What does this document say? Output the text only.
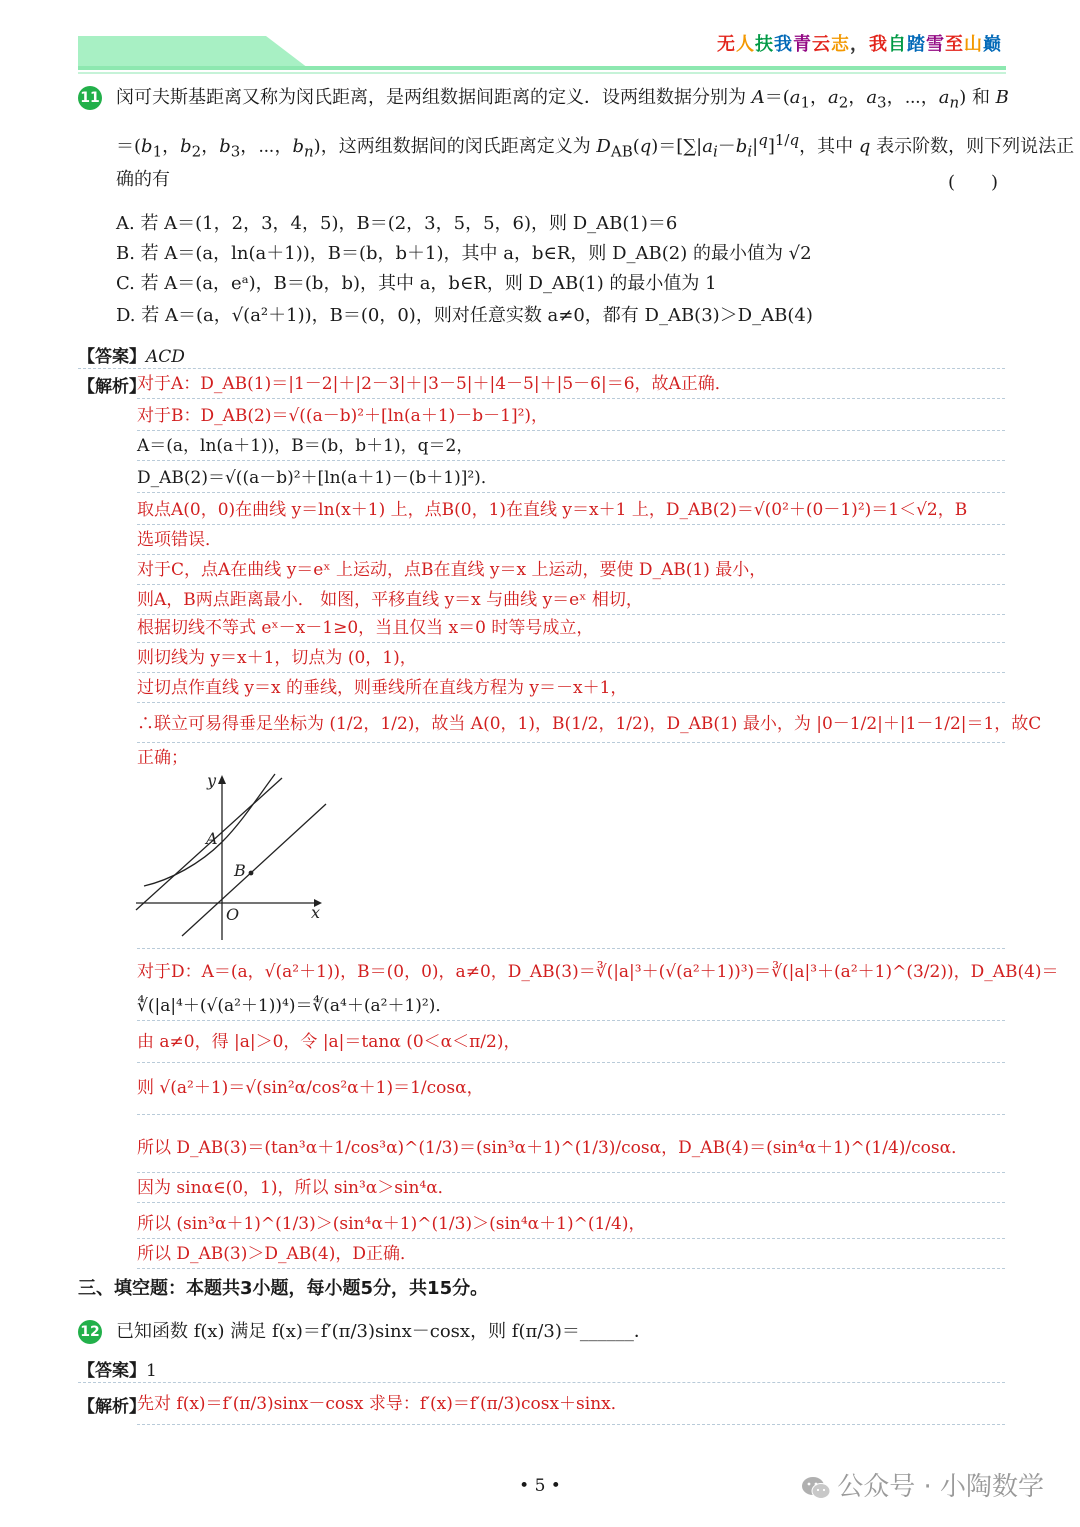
无人扶我青云志，我自踏雪至山巅
11 闵可夫斯基距离又称为闵氏距离，是两组数据间距离的定义．设两组数据分别为 $A=(a_1$，$a_2$，$a_3$，⋯，$a_n$) 和 B
$=(b_1$，$b_2$，$b_3$，⋯，$b_n$)，这两组数据间的闵氏距离定义为 $D_{AB}(q)=[\sum|a_i-b_i|^q]^{1/q}$，其中 q 表示阶数，则下列说法正
确的有	(　　)
A. 若 A＝(1，2，3，4，5)，B＝(2，3，5，5，6)，则 D_AB(1)＝6
B. 若 A＝(a，ln(a＋1))，B＝(b，b＋1)，其中 a，b∈R，则 D_AB(2) 的最小值为 √2
C. 若 A＝(a，eᵃ)，B＝(b，b)，其中 a，b∈R，则 D_AB(1) 的最小值为 1
D. 若 A＝(a，√(a²＋1))，B＝(0，0)，则对任意实数 a≠0，都有 D_AB(3)＞D_AB(4)
【答案】ACD
【解析】
对于A：D_AB(1)＝|1－2|＋|2－3|＋|3－5|＋|4－5|＋|5－6|＝6，故A正确．
对于B：D_AB(2)＝√((a－b)²＋[ln(a＋1)－b－1]²)，
A＝(a，ln(a＋1))，B＝(b，b＋1)，q＝2，
D_AB(2)＝√((a－b)²＋[ln(a＋1)－(b＋1)]²)．
取点A(0，0)在曲线 y＝ln(x＋1) 上，点B(0，1)在直线 y＝x＋1 上，D_AB(2)＝√(0²＋(0－1)²)＝1＜√2，B
选项错误．
对于C，点A在曲线 y＝eˣ 上运动，点B在直线 y＝x 上运动，要使 D_AB(1) 最小，
则A，B两点距离最小． 如图，平移直线 y＝x 与曲线 y＝eˣ 相切，
根据切线不等式 eˣ－x－1≥0，当且仅当 x＝0 时等号成立，
则切线为 y＝x＋1，切点为 (0，1)，
过切点作直线 y＝x 的垂线，则垂线所在直线方程为 y＝－x＋1，
∴联立可易得垂足坐标为 (1/2，1/2)，故当 A(0，1)，B(1/2，1/2)，D_AB(1) 最小，为 |0－1/2|＋|1－1/2|＝1，故C
正确；
y
x
A
B
O
对于D：A＝(a，√(a²＋1))，B＝(0，0)，a≠0，D_AB(3)＝∛(|a|³＋(√(a²＋1))³)＝∛(|a|³＋(a²＋1)^(3/2))，D_AB(4)＝
∜(|a|⁴＋(√(a²＋1))⁴)＝∜(a⁴＋(a²＋1)²)．
由 a≠0，得 |a|＞0，令 |a|＝tanα (0＜α＜π/2)，
则 √(a²＋1)＝√(sin²α/cos²α＋1)＝1/cosα，
所以 D_AB(3)＝(tan³α＋1/cos³α)^(1/3)＝(sin³α＋1)^(1/3)/cosα，D_AB(4)＝(sin⁴α＋1)^(1/4)/cosα．
因为 sinα∈(0，1)，所以 sin³α＞sin⁴α．
所以 (sin³α＋1)^(1/3)＞(sin⁴α＋1)^(1/3)＞(sin⁴α＋1)^(1/4)，
所以 D_AB(3)＞D_AB(4)，D正确．
三、填空题：本题共3小题，每小题5分，共15分。
12 已知函数 f(x) 满足 f(x)＝f′(π/3)sinx－cosx，则 f(π/3)＝______．
【答案】1
【解析】
先对 f(x)＝f′(π/3)sinx－cosx 求导：f′(x)＝f′(π/3)cosx＋sinx．
• 5 •	公众号 · 小陶数学
